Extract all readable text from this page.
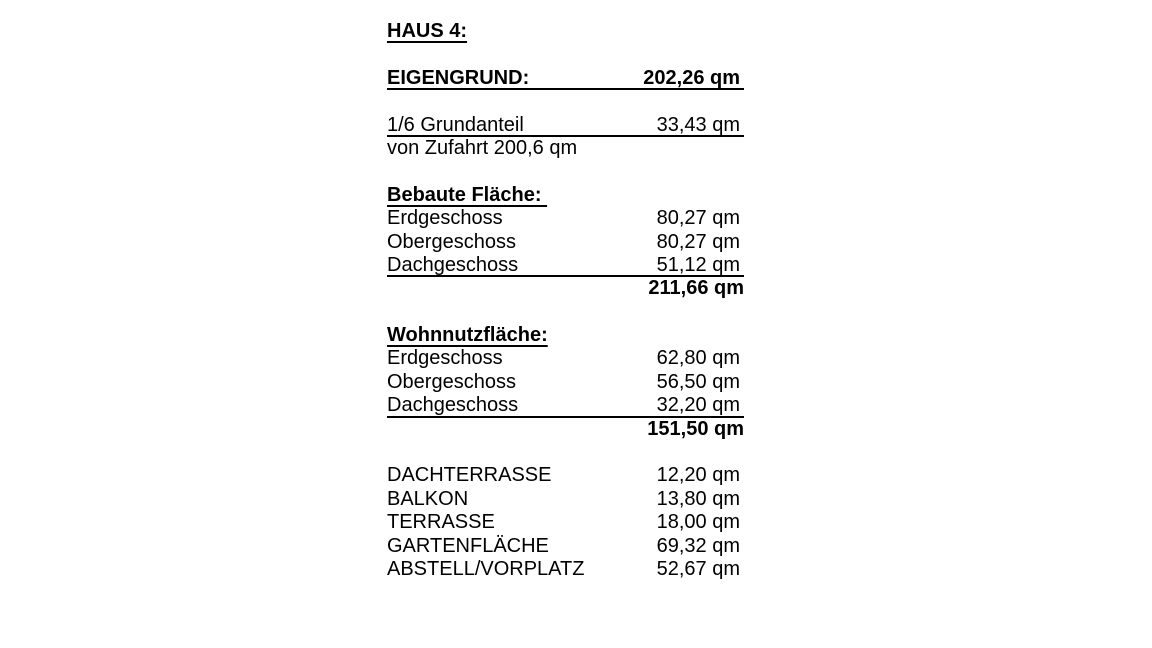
HAUS 4:
EIGENGRUND:	202,26 qm
1/6 Grundanteil	33,43 qm
von Zufahrt 200,6 qm
Bebaute Fläche:
Erdgeschoss	80,27 qm
Obergeschoss	80,27 qm
Dachgeschoss	51,12 qm
211,66 qm
Wohnnutzfläche:
Erdgeschoss	62,80 qm
Obergeschoss	56,50 qm
Dachgeschoss	32,20 qm
151,50 qm
DACHTERRASSE	12,20 qm
BALKON	13,80 qm
TERRASSE	18,00 qm
GARTENFLÄCHE	69,32 qm
ABSTELL/VORPLATZ	52,67 qm
